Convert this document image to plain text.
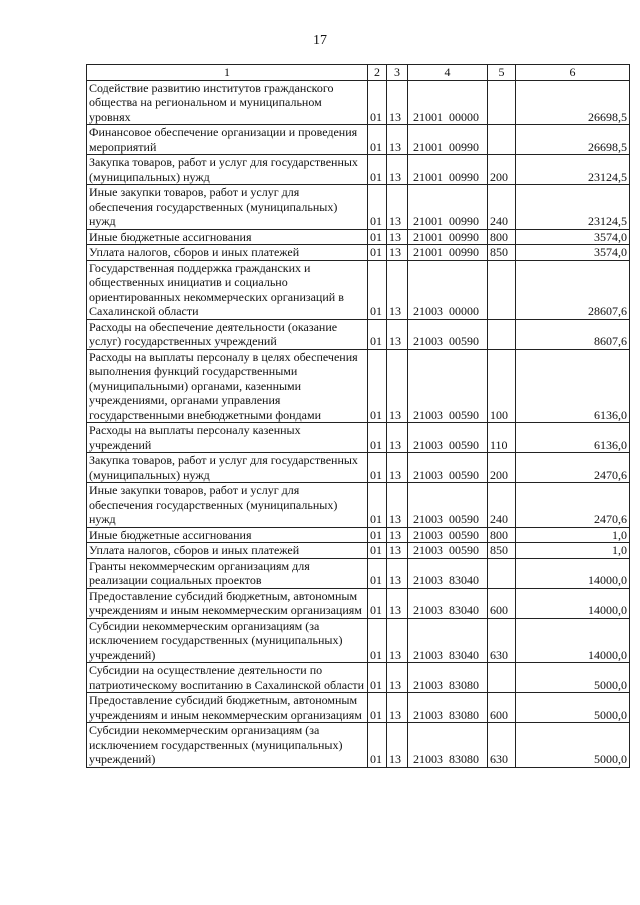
17
1	2	3	4	5	6
Содействие развитию институтов гражданского общества на региональном и муниципальном уровнях	01	13	21001 00000		26698,5
Финансовое обеспечение организации и проведения мероприятий	01	13	21001 00990		26698,5
Закупка товаров, работ и услуг для государственных (муниципальных) нужд	01	13	21001 00990	200	23124,5
Иные закупки товаров, работ и услуг для обеспечения государственных (муниципальных) нужд	01	13	21001 00990	240	23124,5
Иные бюджетные ассигнования	01	13	21001 00990	800	3574,0
Уплата налогов, сборов и иных платежей	01	13	21001 00990	850	3574,0
Государственная поддержка гражданских и общественных инициатив и социально ориентированных некоммерческих организаций в Сахалинской области	01	13	21003 00000		28607,6
Расходы на обеспечение деятельности (оказание услуг) государственных учреждений	01	13	21003 00590		8607,6
Расходы на выплаты персоналу в целях обеспечения выполнения функций государственными (муниципальными) органами, казенными учреждениями, органами управления государственными внебюджетными фондами	01	13	21003 00590	100	6136,0
Расходы на выплаты персоналу казенных учреждений	01	13	21003 00590	110	6136,0
Закупка товаров, работ и услуг для государственных (муниципальных) нужд	01	13	21003 00590	200	2470,6
Иные закупки товаров, работ и услуг для обеспечения государственных (муниципальных) нужд	01	13	21003 00590	240	2470,6
Иные бюджетные ассигнования	01	13	21003 00590	800	1,0
Уплата налогов, сборов и иных платежей	01	13	21003 00590	850	1,0
Гранты некоммерческим организациям для реализации социальных проектов	01	13	21003 83040		14000,0
Предоставление субсидий бюджетным, автономным учреждениям и иным некоммерческим организациям	01	13	21003 83040	600	14000,0
Субсидии некоммерческим организациям (за исключением государственных (муниципальных) учреждений)	01	13	21003 83040	630	14000,0
Субсидии на осуществление деятельности по патриотическому воспитанию в Сахалинской области	01	13	21003 83080		5000,0
Предоставление субсидий бюджетным, автономным учреждениям и иным некоммерческим организациям	01	13	21003 83080	600	5000,0
Субсидии некоммерческим организациям (за исключением государственных (муниципальных) учреждений)	01	13	21003 83080	630	5000,0
